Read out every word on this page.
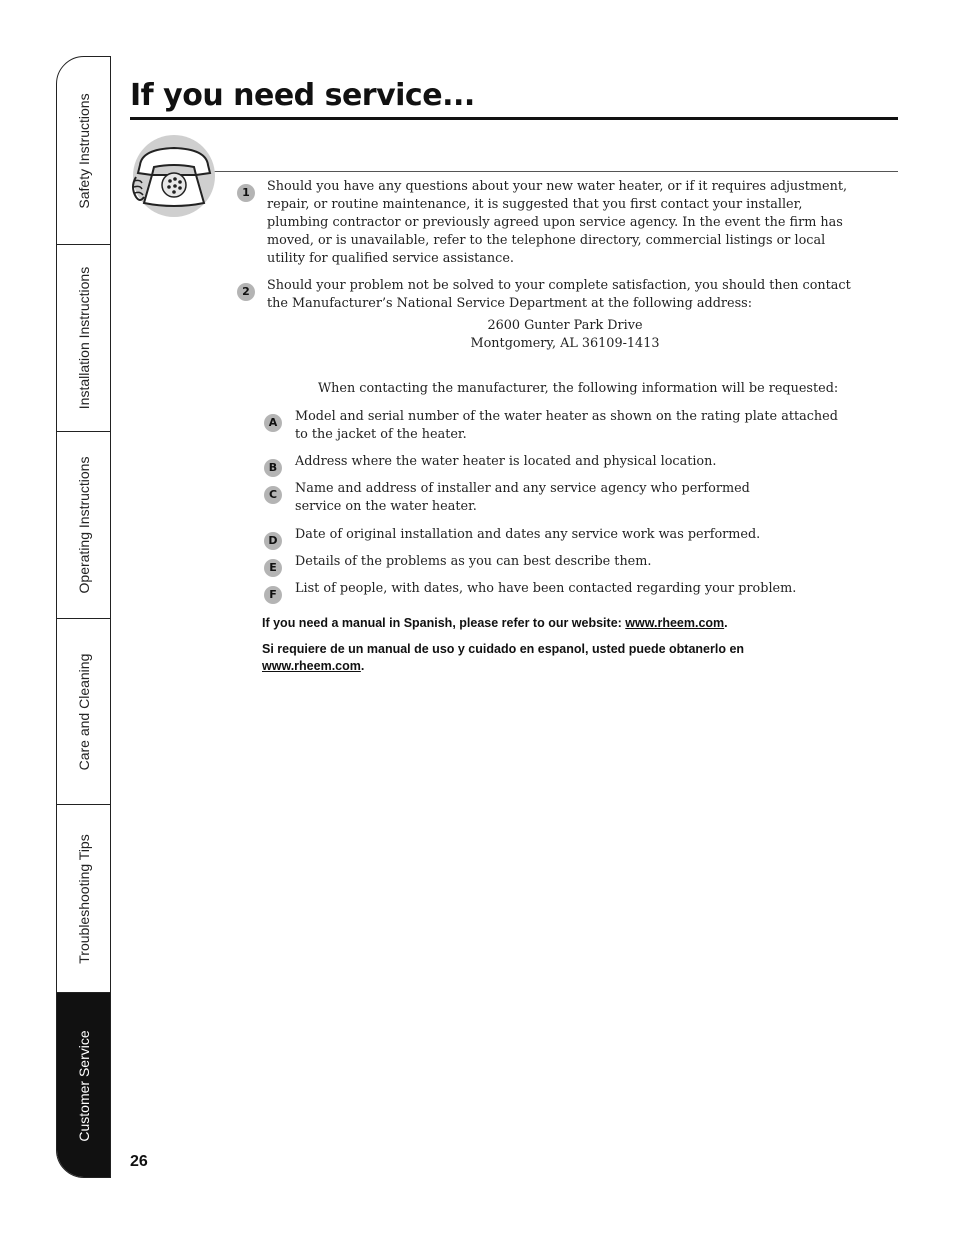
Safety Instructions
Installation Instructions
Operating Instructions
Care and Cleaning
Troubleshooting Tips
Customer Service
If you need service...
1	Should you have any questions about your new water heater, or if it requires adjustment, repair, or routine maintenance, it is suggested that you first contact your installer, plumbing contractor or previously agreed upon service agency. In the event the firm has moved, or is unavailable, refer to the telephone directory, commercial listings or local utility for qualified service assistance.

2	Should your problem not be solved to your complete satisfaction, you should then contact the Manufacturer’s National Service Department at the following address:

2600 Gunter Park Drive
Montgomery, AL 36109-1413
When contacting the manufacturer, the following information will be requested:
A	Model and serial number of the water heater as shown on the rating plate attached to the jacket of the heater.

B	Address where the water heater is located and physical location.

C	Name and address of installer and any service agency who performed service on the water heater.

D	Date of original installation and dates any service work was performed.

E	Details of the problems as you can best describe them.

F	List of people, with dates, who have been contacted regarding your problem.

If you need a manual in Spanish, please refer to our website: www.rheem.com.

Si requiere de un manual de uso y cuidado en espanol, usted puede obtanerlo en www.rheem.com.

26
